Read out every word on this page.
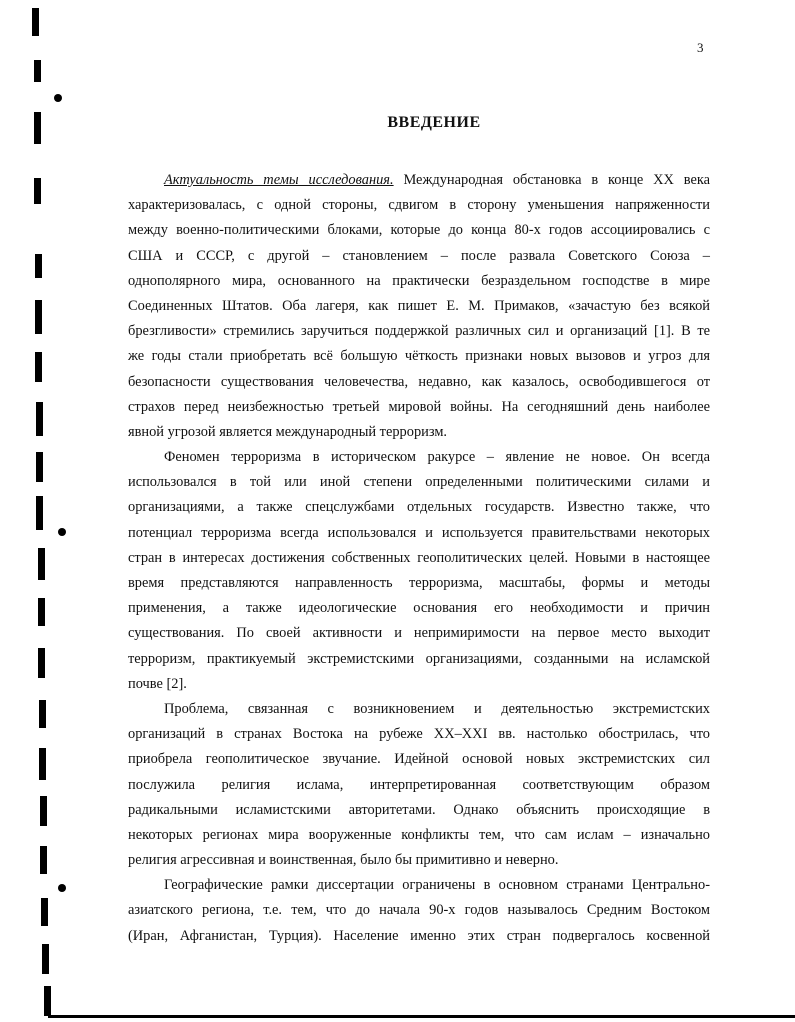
3
ВВЕДЕНИЕ
Актуальность темы исследования. Международная обстановка в конце XX века
характеризовалась, с одной стороны, сдвигом в сторону уменьшения напряженности
между военно-политическими блоками, которые до конца 80-х годов ассоциировались с
США и СССР, с другой – становлением – после развала Советского Союза –
однополярного мира, основанного на практически безраздельном господстве в мире
Соединенных Штатов. Оба лагеря, как пишет Е. М. Примаков, «зачастую без всякой
брезгливости» стремились заручиться поддержкой различных сил и организаций [1]. В те
же годы стали приобретать всё большую чёткость признаки новых вызовов и угроз для
безопасности существования человечества, недавно, как казалось, освободившегося от
страхов перед неизбежностью третьей мировой войны. На сегодняшний день наиболее
явной угрозой является международный терроризм.
Феномен терроризма в историческом ракурсе – явление не новое. Он всегда
использовался в той или иной степени определенными политическими силами и
организациями, а также спецслужбами отдельных государств. Известно также, что
потенциал терроризма всегда использовался и используется правительствами некоторых
стран в интересах достижения собственных геополитических целей. Новыми в настоящее
время представляются направленность терроризма, масштабы, формы и методы
применения, а также идеологические основания его необходимости и причин
существования. По своей активности и непримиримости на первое место выходит
терроризм, практикуемый экстремистскими организациями, созданными на исламской
почве [2].
Проблема, связанная с возникновением и деятельностью экстремистских
организаций в странах Востока на рубеже XX–XXI вв. настолько обострилась, что
приобрела геополитическое звучание. Идейной основой новых экстремистских сил
послужила религия ислама, интерпретированная соответствующим образом
радикальными исламистскими авторитетами. Однако объяснить происходящие в
некоторых регионах мира вооруженные конфликты тем, что сам ислам – изначально
религия агрессивная и воинственная, было бы примитивно и неверно.
Географические рамки диссертации ограничены в основном странами Центрально-
азиатского региона, т.е. тем, что до начала 90-х годов называлось Средним Востоком
(Иран, Афганистан, Турция). Население именно этих стран подвергалось косвенной
